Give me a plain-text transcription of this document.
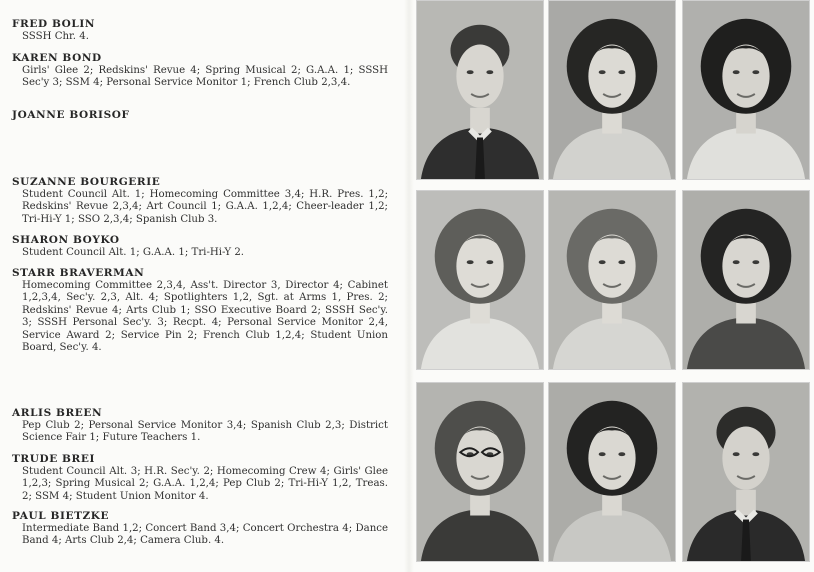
FRED BOLIN
SSSH Chr. 4.
KAREN BOND
Girls' Glee 2; Redskins' Revue 4; Spring Musical 2; G.A.A. 1; SSSH Sec'y 3; SSM 4; Personal Service Monitor 1; French Club 2,3,4.
JOANNE BORISOF
SUZANNE BOURGERIE
Student Council Alt. 1; Homecoming Committee 3,4; H.R. Pres. 1,2; Redskins' Revue 2,3,4; Art Council 1; G.A.A. 1,2,4; Cheer-leader 1,2; Tri-Hi-Y 1; SSO 2,3,4; Spanish Club 3.
SHARON BOYKO
Student Council Alt. 1; G.A.A. 1; Tri-Hi-Y 2.
STARR BRAVERMAN
Homecoming Committee 2,3,4, Ass't. Director 3, Director 4; Cabinet 1,2,3,4, Sec'y. 2,3, Alt. 4; Spotlighters 1,2, Sgt. at Arms 1, Pres. 2; Redskins' Revue 4; Arts Club 1; SSO Executive Board 2; SSSH Sec'y. 3; SSSH Personal Sec'y. 3; Recpt. 4; Personal Service Monitor 2,4, Service Award 2; Service Pin 2; French Club 1,2,4; Student Union Board, Sec'y. 4.
ARLIS BREEN
Pep Club 2; Personal Service Monitor 3,4; Spanish Club 2,3; District Science Fair 1; Future Teachers 1.
TRUDE BREI
Student Council Alt. 3; H.R. Sec'y. 2; Homecoming Crew 4; Girls' Glee 1,2,3; Spring Musical 2; G.A.A. 1,2,4; Pep Club 2; Tri-Hi-Y 1,2, Treas. 2; SSM 4; Student Union Monitor 4.
PAUL BIETZKE
Intermediate Band 1,2; Concert Band 3,4; Concert Orchestra 4; Dance Band 4; Arts Club 2,4; Camera Club. 4.
